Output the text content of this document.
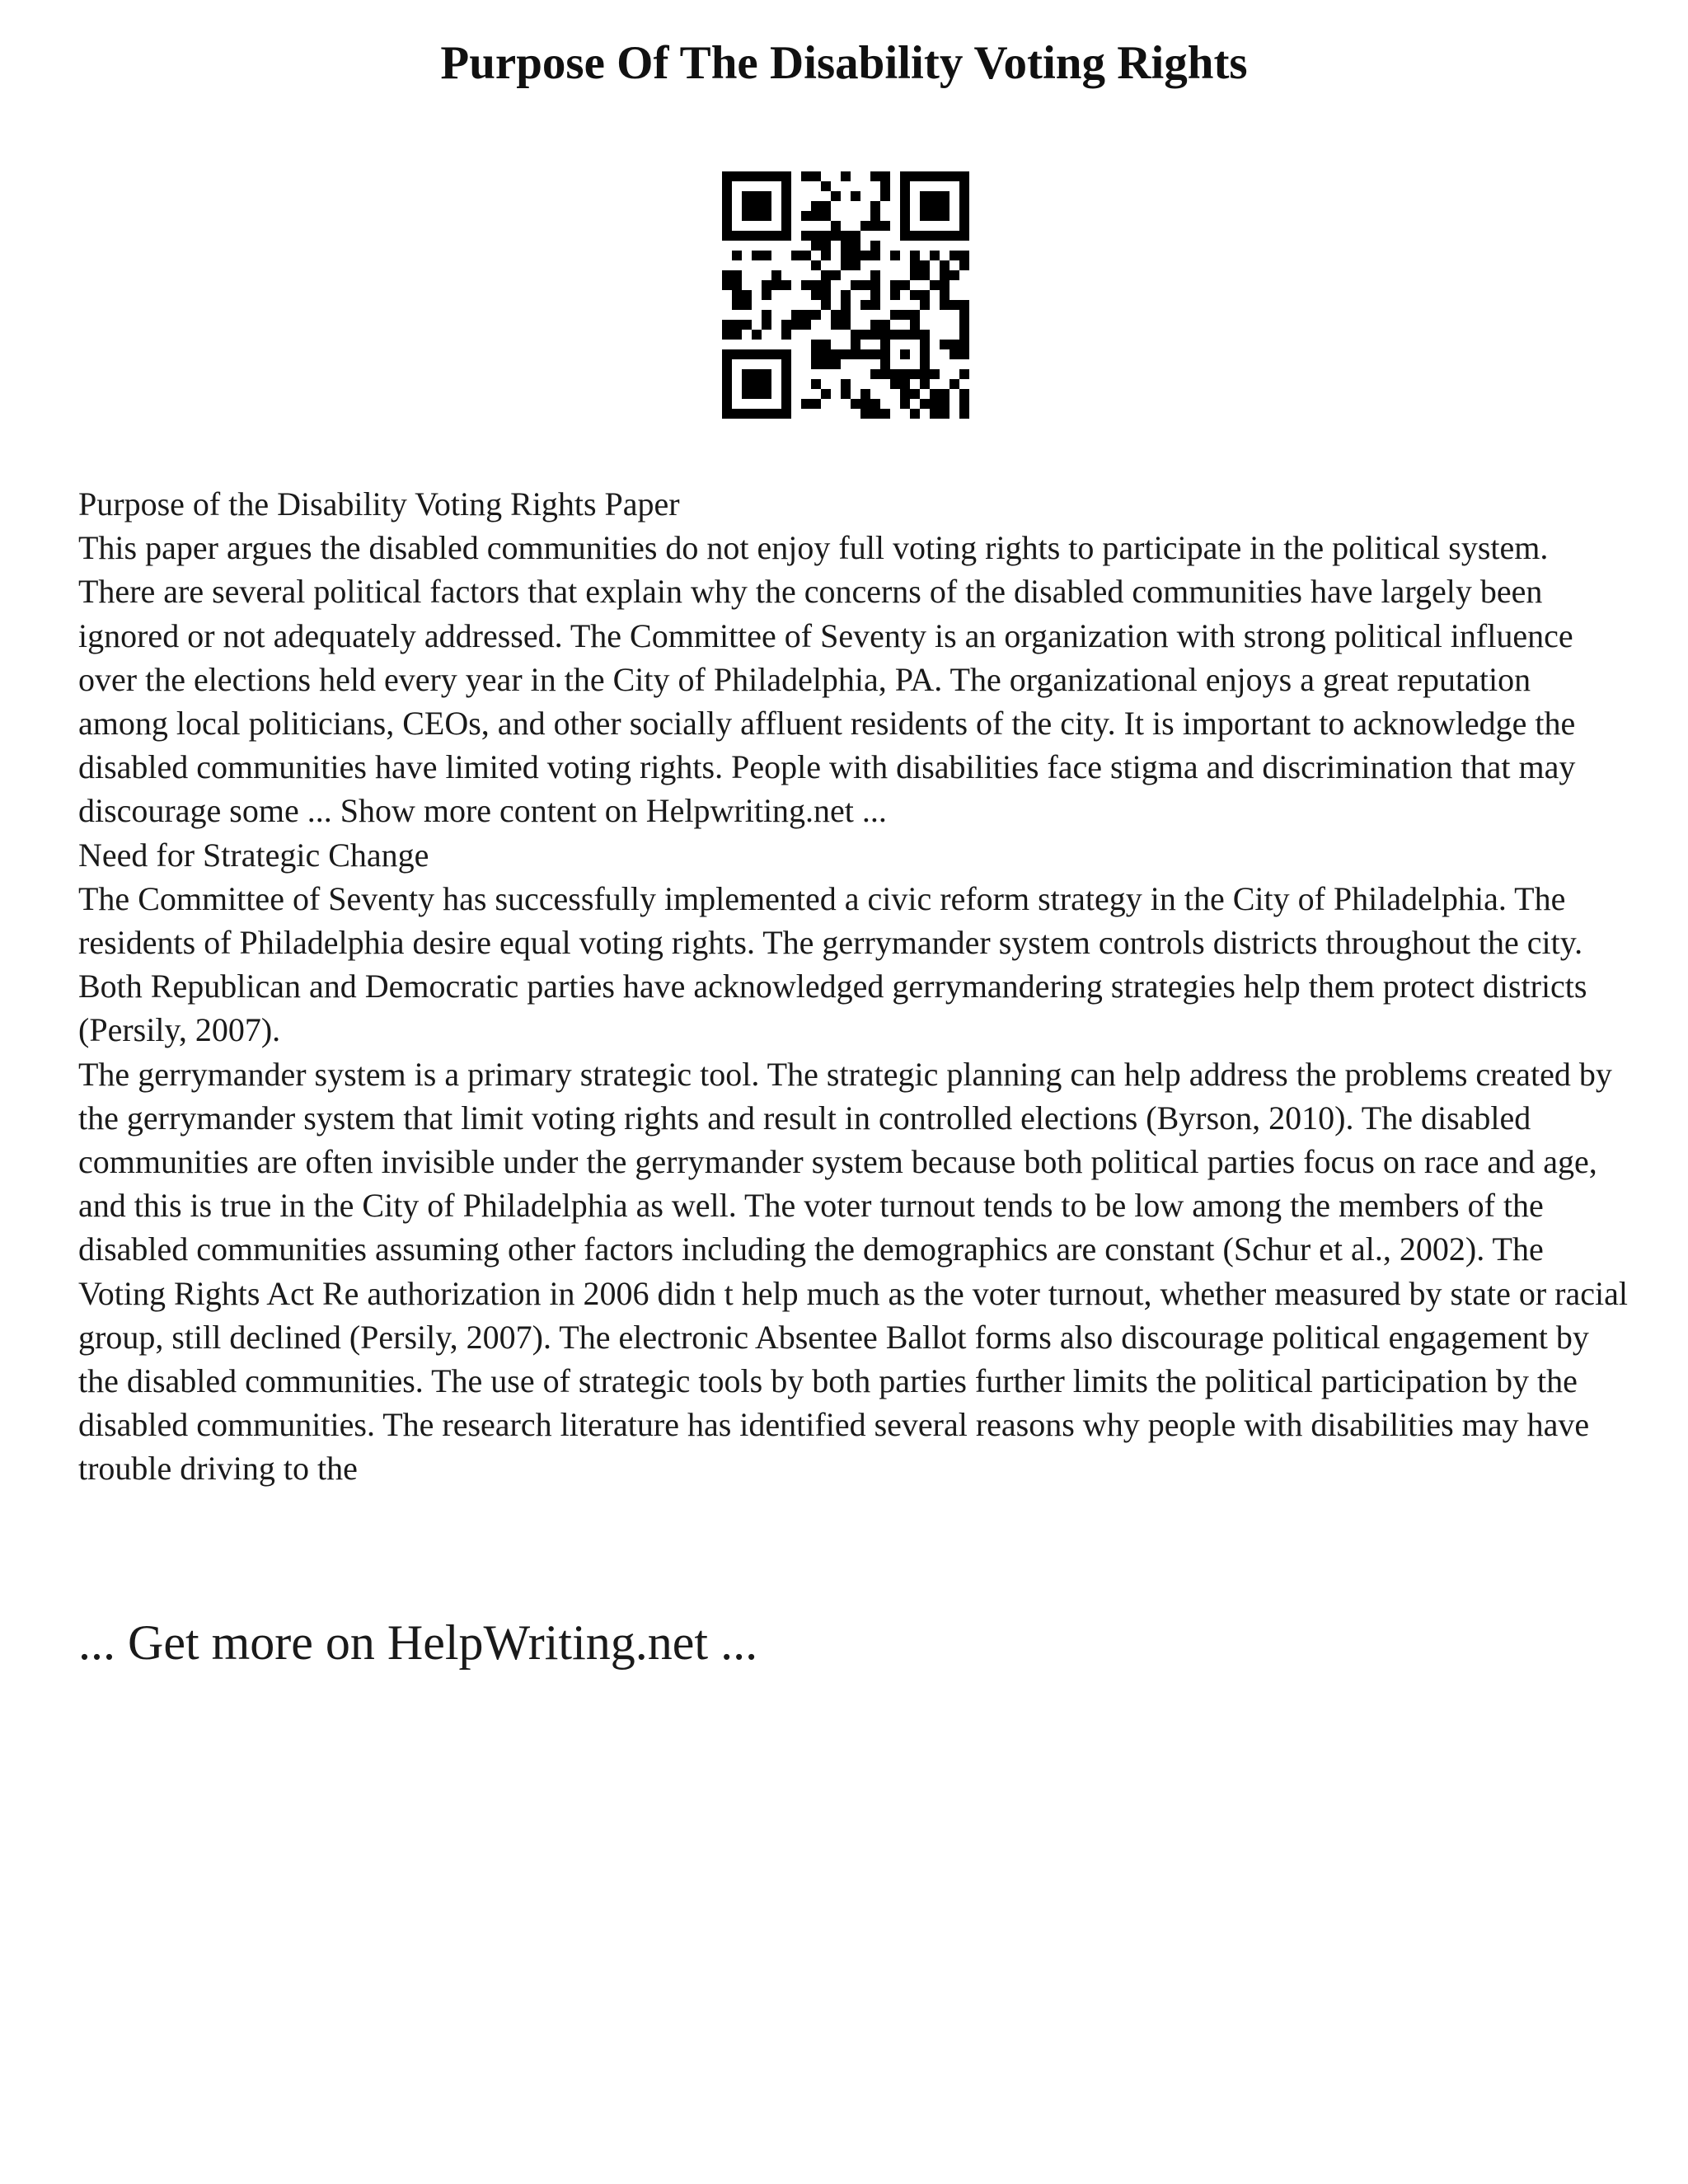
Purpose Of The Disability Voting Rights

Purpose of the Disability Voting Rights Paper

This paper argues the disabled communities do not enjoy full voting rights to participate in the political system. There are several political factors that explain why the concerns of the disabled communities have largely been ignored or not adequately addressed. The Committee of Seventy is an organization with strong political influence over the elections held every year in the City of Philadelphia, PA. The organizational enjoys a great reputation among local politicians, CEOs, and other socially affluent residents of the city. It is important to acknowledge the disabled communities have limited voting rights. People with disabilities face stigma and discrimination that may discourage some ... Show more content on Helpwriting.net ...

Need for Strategic Change

The Committee of Seventy has successfully implemented a civic reform strategy in the City of Philadelphia. The residents of Philadelphia desire equal voting rights. The gerrymander system controls districts throughout the city. Both Republican and Democratic parties have acknowledged gerrymandering strategies help them protect districts (Persily, 2007).

The gerrymander system is a primary strategic tool. The strategic planning can help address the problems created by the gerrymander system that limit voting rights and result in controlled elections (Byrson, 2010). The disabled communities are often invisible under the gerrymander system because both political parties focus on race and age, and this is true in the City of Philadelphia as well. The voter turnout tends to be low among the members of the disabled communities assuming other factors including the demographics are constant (Schur et al., 2002). The Voting Rights Act Re authorization in 2006 didn t help much as the voter turnout, whether measured by state or racial group, still declined (Persily, 2007). The electronic Absentee Ballot forms also discourage political engagement by the disabled communities. The use of strategic tools by both parties further limits the political participation by the disabled communities. The research literature has identified several reasons why people with disabilities may have trouble driving to the

... Get more on HelpWriting.net ...
